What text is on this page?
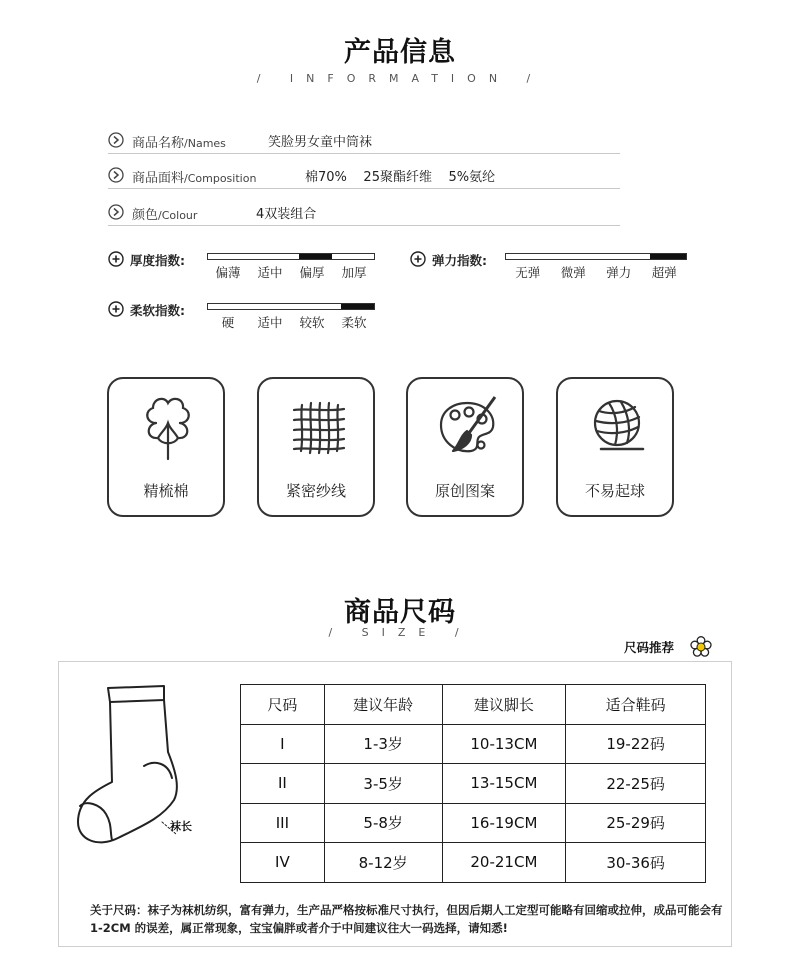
产品信息
/ INFORMATION /
商品名称/Names	笑脸男女童中筒袜
商品面料/Composition	棉70%    25聚酯纤维    5%氨纶
颜色/Colour	4双装组合
厚度指数:
偏薄 适中 偏厚 加厚
弹力指数:
无弹 微弹 弹力 超弹
柔软指数:
硬 适中 较软 柔软
精梳棉	紧密纱线	原创图案	不易起球
商品尺码
/ SIZE /
尺码推荐
袜长
尺码	建议年龄	建议脚长	适合鞋码
I	1-3岁	10-13CM	19-22码
II	3-5岁	13-15CM	22-25码
III	5-8岁	16-19CM	25-29码
IV	8-12岁	20-21CM	30-36码
关于尺码：袜子为袜机纺织，富有弹力，生产品严格按标准尺寸执行，但因后期人工定型可能略有回缩或拉伸，成品可能会有 1-2CM 的误差，属正常现象，宝宝偏胖或者介于中间建议往大一码选择，请知悉!
